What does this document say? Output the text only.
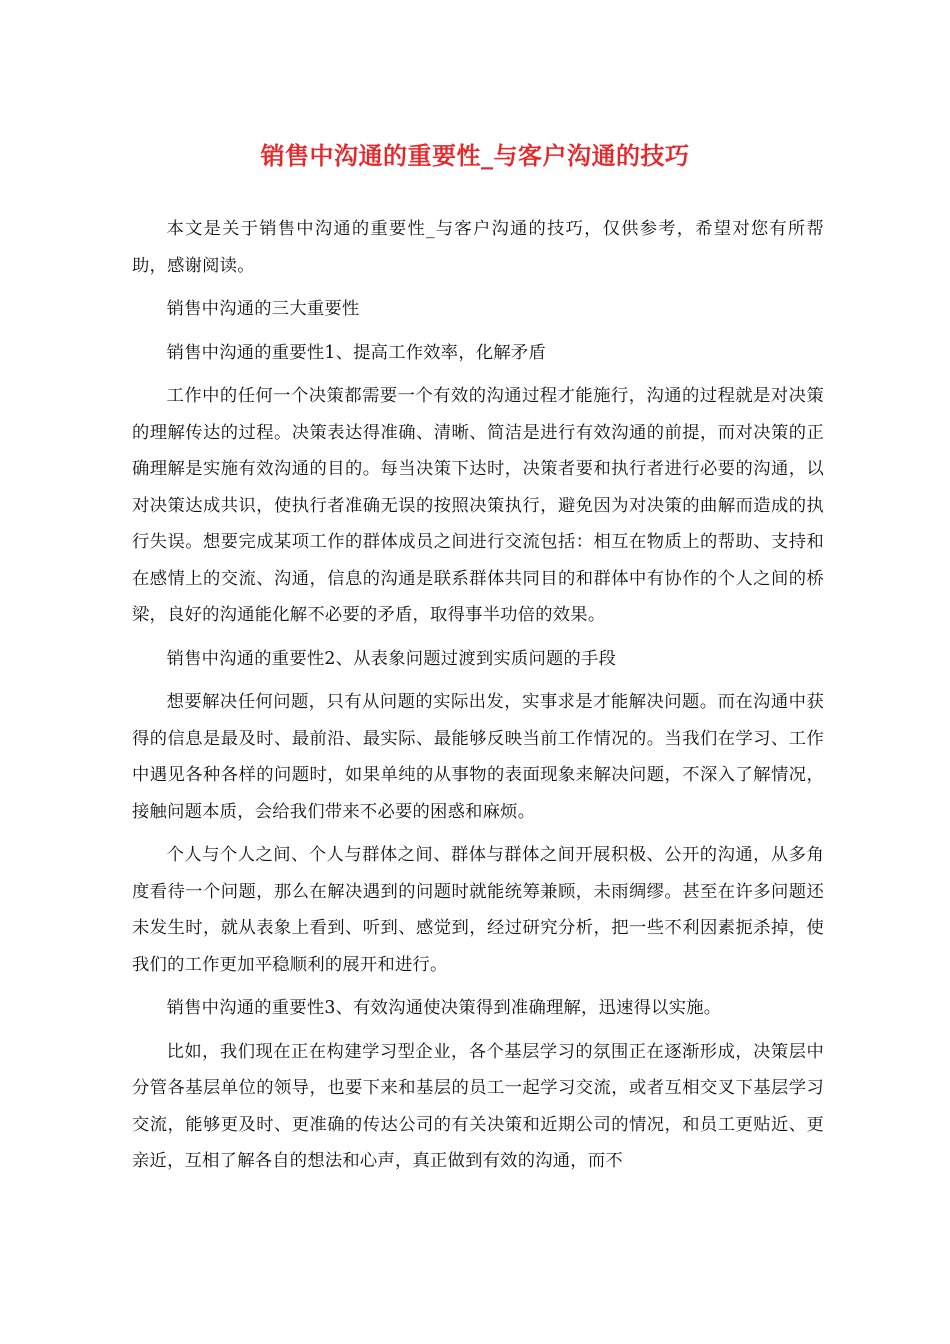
销售中沟通的重要性_与客户沟通的技巧

本文是关于销售中沟通的重要性_与客户沟通的技巧，仅供参考，希望对您有所帮助，感谢阅读。

销售中沟通的三大重要性

销售中沟通的重要性1、提高工作效率，化解矛盾

工作中的任何一个决策都需要一个有效的沟通过程才能施行，沟通的过程就是对决策的理解传达的过程。决策表达得准确、清晰、简洁是进行有效沟通的前提，而对决策的正确理解是实施有效沟通的目的。每当决策下达时，决策者要和执行者进行必要的沟通，以对决策达成共识，使执行者准确无误的按照决策执行，避免因为对决策的曲解而造成的执行失误。想要完成某项工作的群体成员之间进行交流包括：相互在物质上的帮助、支持和在感情上的交流、沟通，信息的沟通是联系群体共同目的和群体中有协作的个人之间的桥梁，良好的沟通能化解不必要的矛盾，取得事半功倍的效果。

销售中沟通的重要性2、从表象问题过渡到实质问题的手段

想要解决任何问题，只有从问题的实际出发，实事求是才能解决问题。而在沟通中获得的信息是最及时、最前沿、最实际、最能够反映当前工作情况的。当我们在学习、工作中遇见各种各样的问题时，如果单纯的从事物的表面现象来解决问题，不深入了解情况，接触问题本质，会给我们带来不必要的困惑和麻烦。

个人与个人之间、个人与群体之间、群体与群体之间开展积极、公开的沟通，从多角度看待一个问题，那么在解决遇到的问题时就能统筹兼顾，未雨绸缪。甚至在许多问题还未发生时，就从表象上看到、听到、感觉到，经过研究分析，把一些不利因素扼杀掉，使我们的工作更加平稳顺利的展开和进行。

销售中沟通的重要性3、有效沟通使决策得到准确理解，迅速得以实施。

比如，我们现在正在构建学习型企业，各个基层学习的氛围正在逐渐形成，决策层中分管各基层单位的领导，也要下来和基层的员工一起学习交流，或者互相交叉下基层学习交流，能够更及时、更准确的传达公司的有关决策和近期公司的情况，和员工更贴近、更亲近，互相了解各自的想法和心声，真正做到有效的沟通，而不
